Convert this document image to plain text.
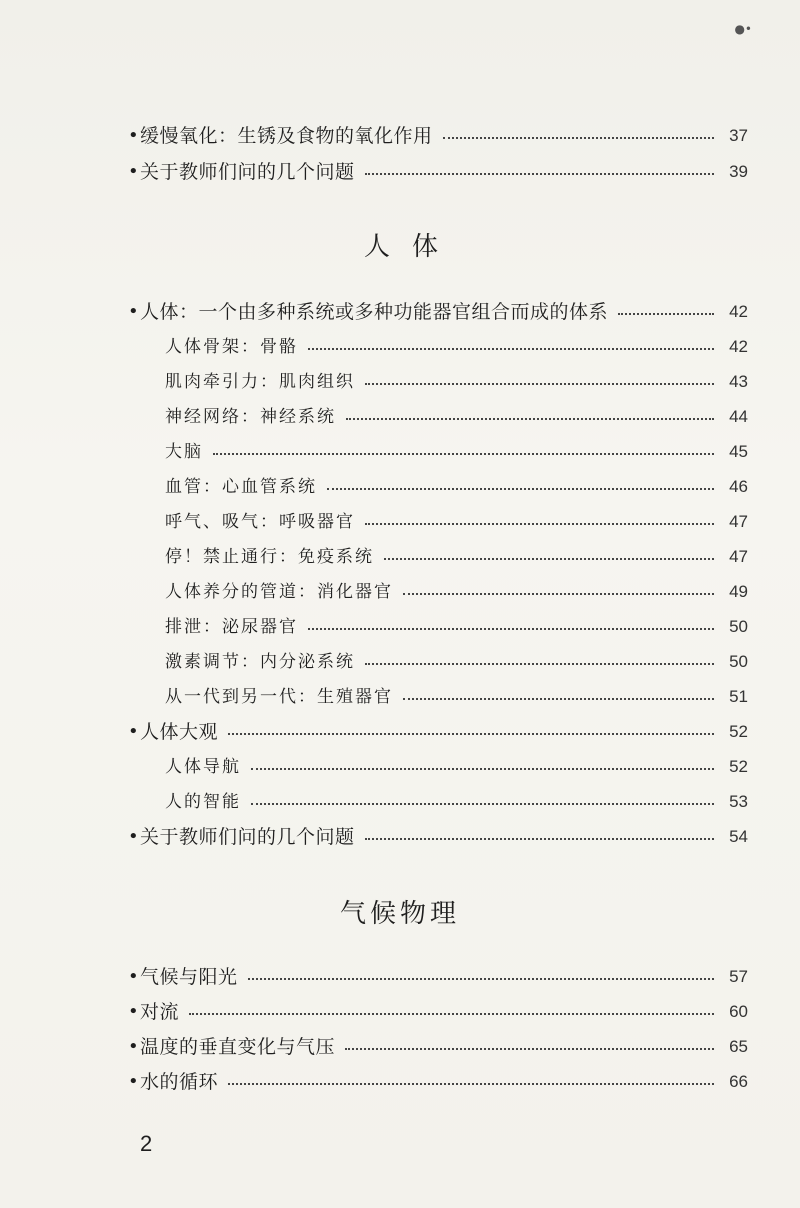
●•
• 缓慢氧化：生锈及食物的氧化作用	37
• 关于教师们问的几个问题	39
人体
• 人体：一个由多种系统或多种功能器官组合而成的体系	42
人体骨架：骨骼	42
肌肉牵引力：肌肉组织	43
神经网络：神经系统	44
大脑	45
血管：心血管系统	46
呼气、吸气：呼吸器官	47
停！禁止通行：免疫系统	47
人体养分的管道：消化器官	49
排泄：泌尿器官	50
激素调节：内分泌系统	50
从一代到另一代：生殖器官	51
• 人体大观	52
人体导航	52
人的智能	53
• 关于教师们问的几个问题	54
气候物理
• 气候与阳光	57
• 对流	60
• 温度的垂直变化与气压	65
• 水的循环	66
2
